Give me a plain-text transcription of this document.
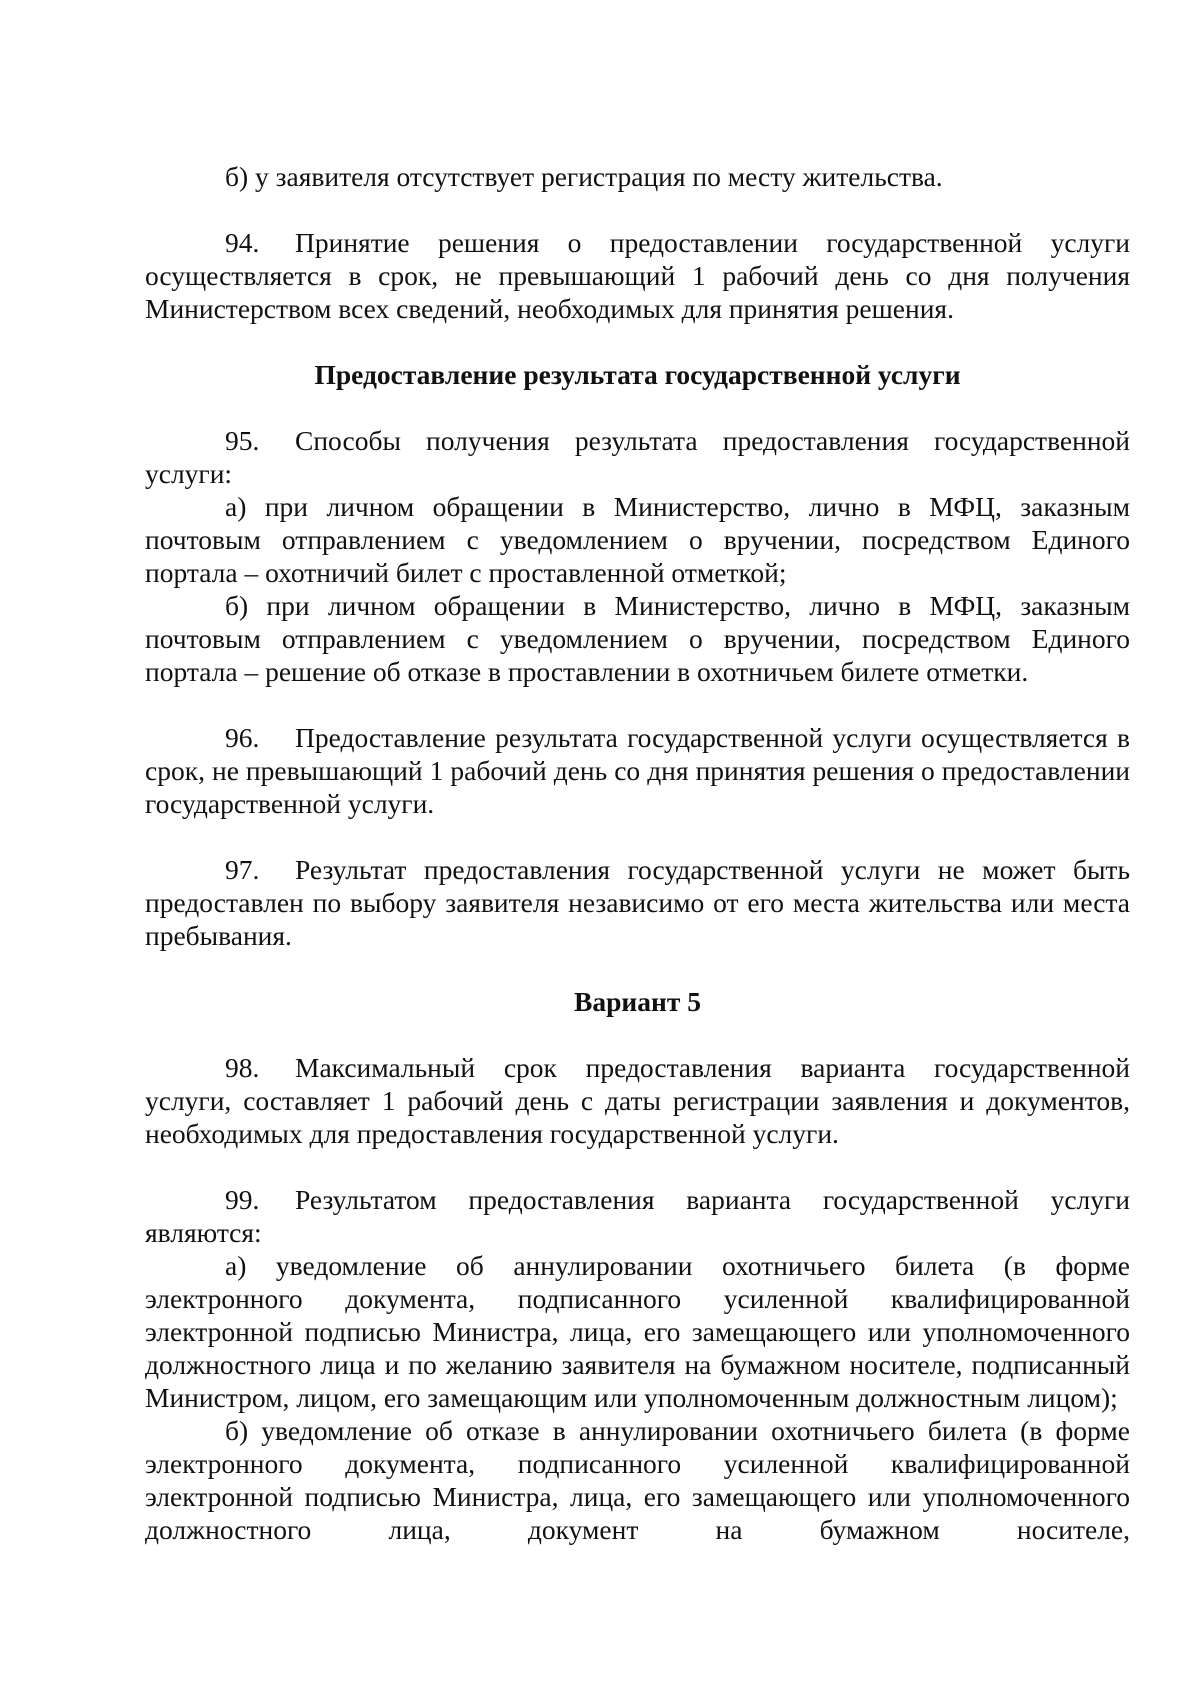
б) у заявителя отсутствует регистрация по месту жительства.

94. Принятие решения о предоставлении государственной услуги осуществляется в срок, не превышающий 1 рабочий день со дня получения Министерством всех сведений, необходимых для принятия решения.

Предоставление результата государственной услуги

95. Способы получения результата предоставления государственной услуги:

а) при личном обращении в Министерство, лично в МФЦ, заказным почтовым отправлением с уведомлением о вручении, посредством Единого портала – охотничий билет с проставленной отметкой;

б) при личном обращении в Министерство, лично в МФЦ, заказным почтовым отправлением с уведомлением о вручении, посредством Единого портала – решение об отказе в проставлении в охотничьем билете отметки.

96. Предоставление результата государственной услуги осуществляется в срок, не превышающий 1 рабочий день со дня принятия решения о предоставлении государственной услуги.

97. Результат предоставления государственной услуги не может быть предоставлен по выбору заявителя независимо от его места жительства или места пребывания.

Вариант 5

98. Максимальный срок предоставления варианта государственной услуги, составляет 1 рабочий день с даты регистрации заявления и документов, необходимых для предоставления государственной услуги.

99. Результатом предоставления варианта государственной услуги являются:

а) уведомление об аннулировании охотничьего билета (в форме электронного документа, подписанного усиленной квалифицированной электронной подписью Министра, лица, его замещающего или уполномоченного должностного лица и по желанию заявителя на бумажном носителе, подписанный Министром, лицом, его замещающим или уполномоченным должностным лицом);

б) уведомление об отказе в аннулировании охотничьего билета (в форме электронного документа, подписанного усиленной квалифицированной электронной подписью Министра, лица, его замещающего или уполномоченного должностного лица, документ на бумажном носителе,
